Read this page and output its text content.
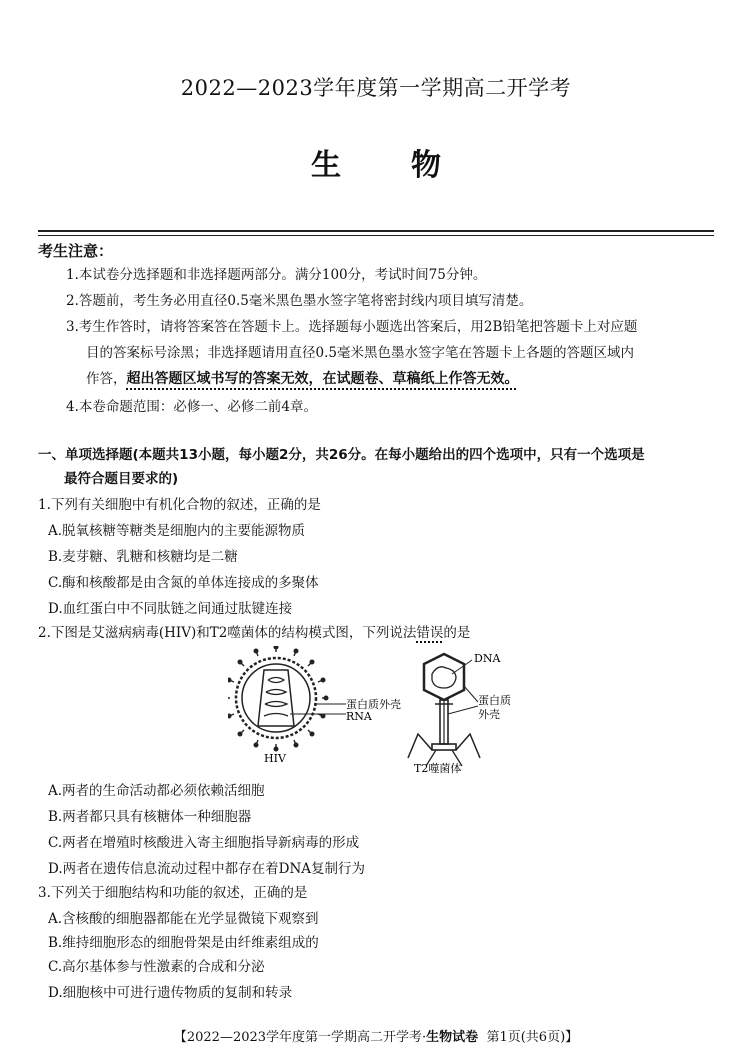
2022—2023学年度第一学期高二开学考
生 物
考生注意：
1.本试卷分选择题和非选择题两部分。满分100分，考试时间75分钟。
2.答题前，考生务必用直径0.5毫米黑色墨水签字笔将密封线内项目填写清楚。
3.考生作答时，请将答案答在答题卡上。选择题每小题选出答案后，用2B铅笔把答题卡上对应题
目的答案标号涂黑；非选择题请用直径0.5毫米黑色墨水签字笔在答题卡上各题的答题区域内
作答，超出答题区域书写的答案无效，在试题卷、草稿纸上作答无效。
4.本卷命题范围：必修一、必修二前4章。
一、单项选择题(本题共13小题，每小题2分，共26分。在每小题给出的四个选项中，只有一个选项是
最符合题目要求的)
1.下列有关细胞中有机化合物的叙述，正确的是
A.脱氧核糖等糖类是细胞内的主要能源物质
B.麦芽糖、乳糖和核糖均是二糖
C.酶和核酸都是由含氮的单体连接成的多聚体
D.血红蛋白中不同肽链之间通过肽键连接
2.下图是艾滋病病毒(HIV)和T2噬菌体的结构模式图，下列说法错误的是
蛋白质外壳
RNA
HIV
DNA
蛋白质
外壳
T2噬菌体
A.两者的生命活动都必须依赖活细胞
B.两者都只具有核糖体一种细胞器
C.两者在增殖时核酸进入寄主细胞指导新病毒的形成
D.两者在遗传信息流动过程中都存在着DNA复制行为
3.下列关于细胞结构和功能的叙述，正确的是
A.含核酸的细胞器都能在光学显微镜下观察到
B.维持细胞形态的细胞骨架是由纤维素组成的
C.高尔基体参与性激素的合成和分泌
D.细胞核中可进行遗传物质的复制和转录
【2022—2023学年度第一学期高二开学考·生物试卷 第1页(共6页)】
